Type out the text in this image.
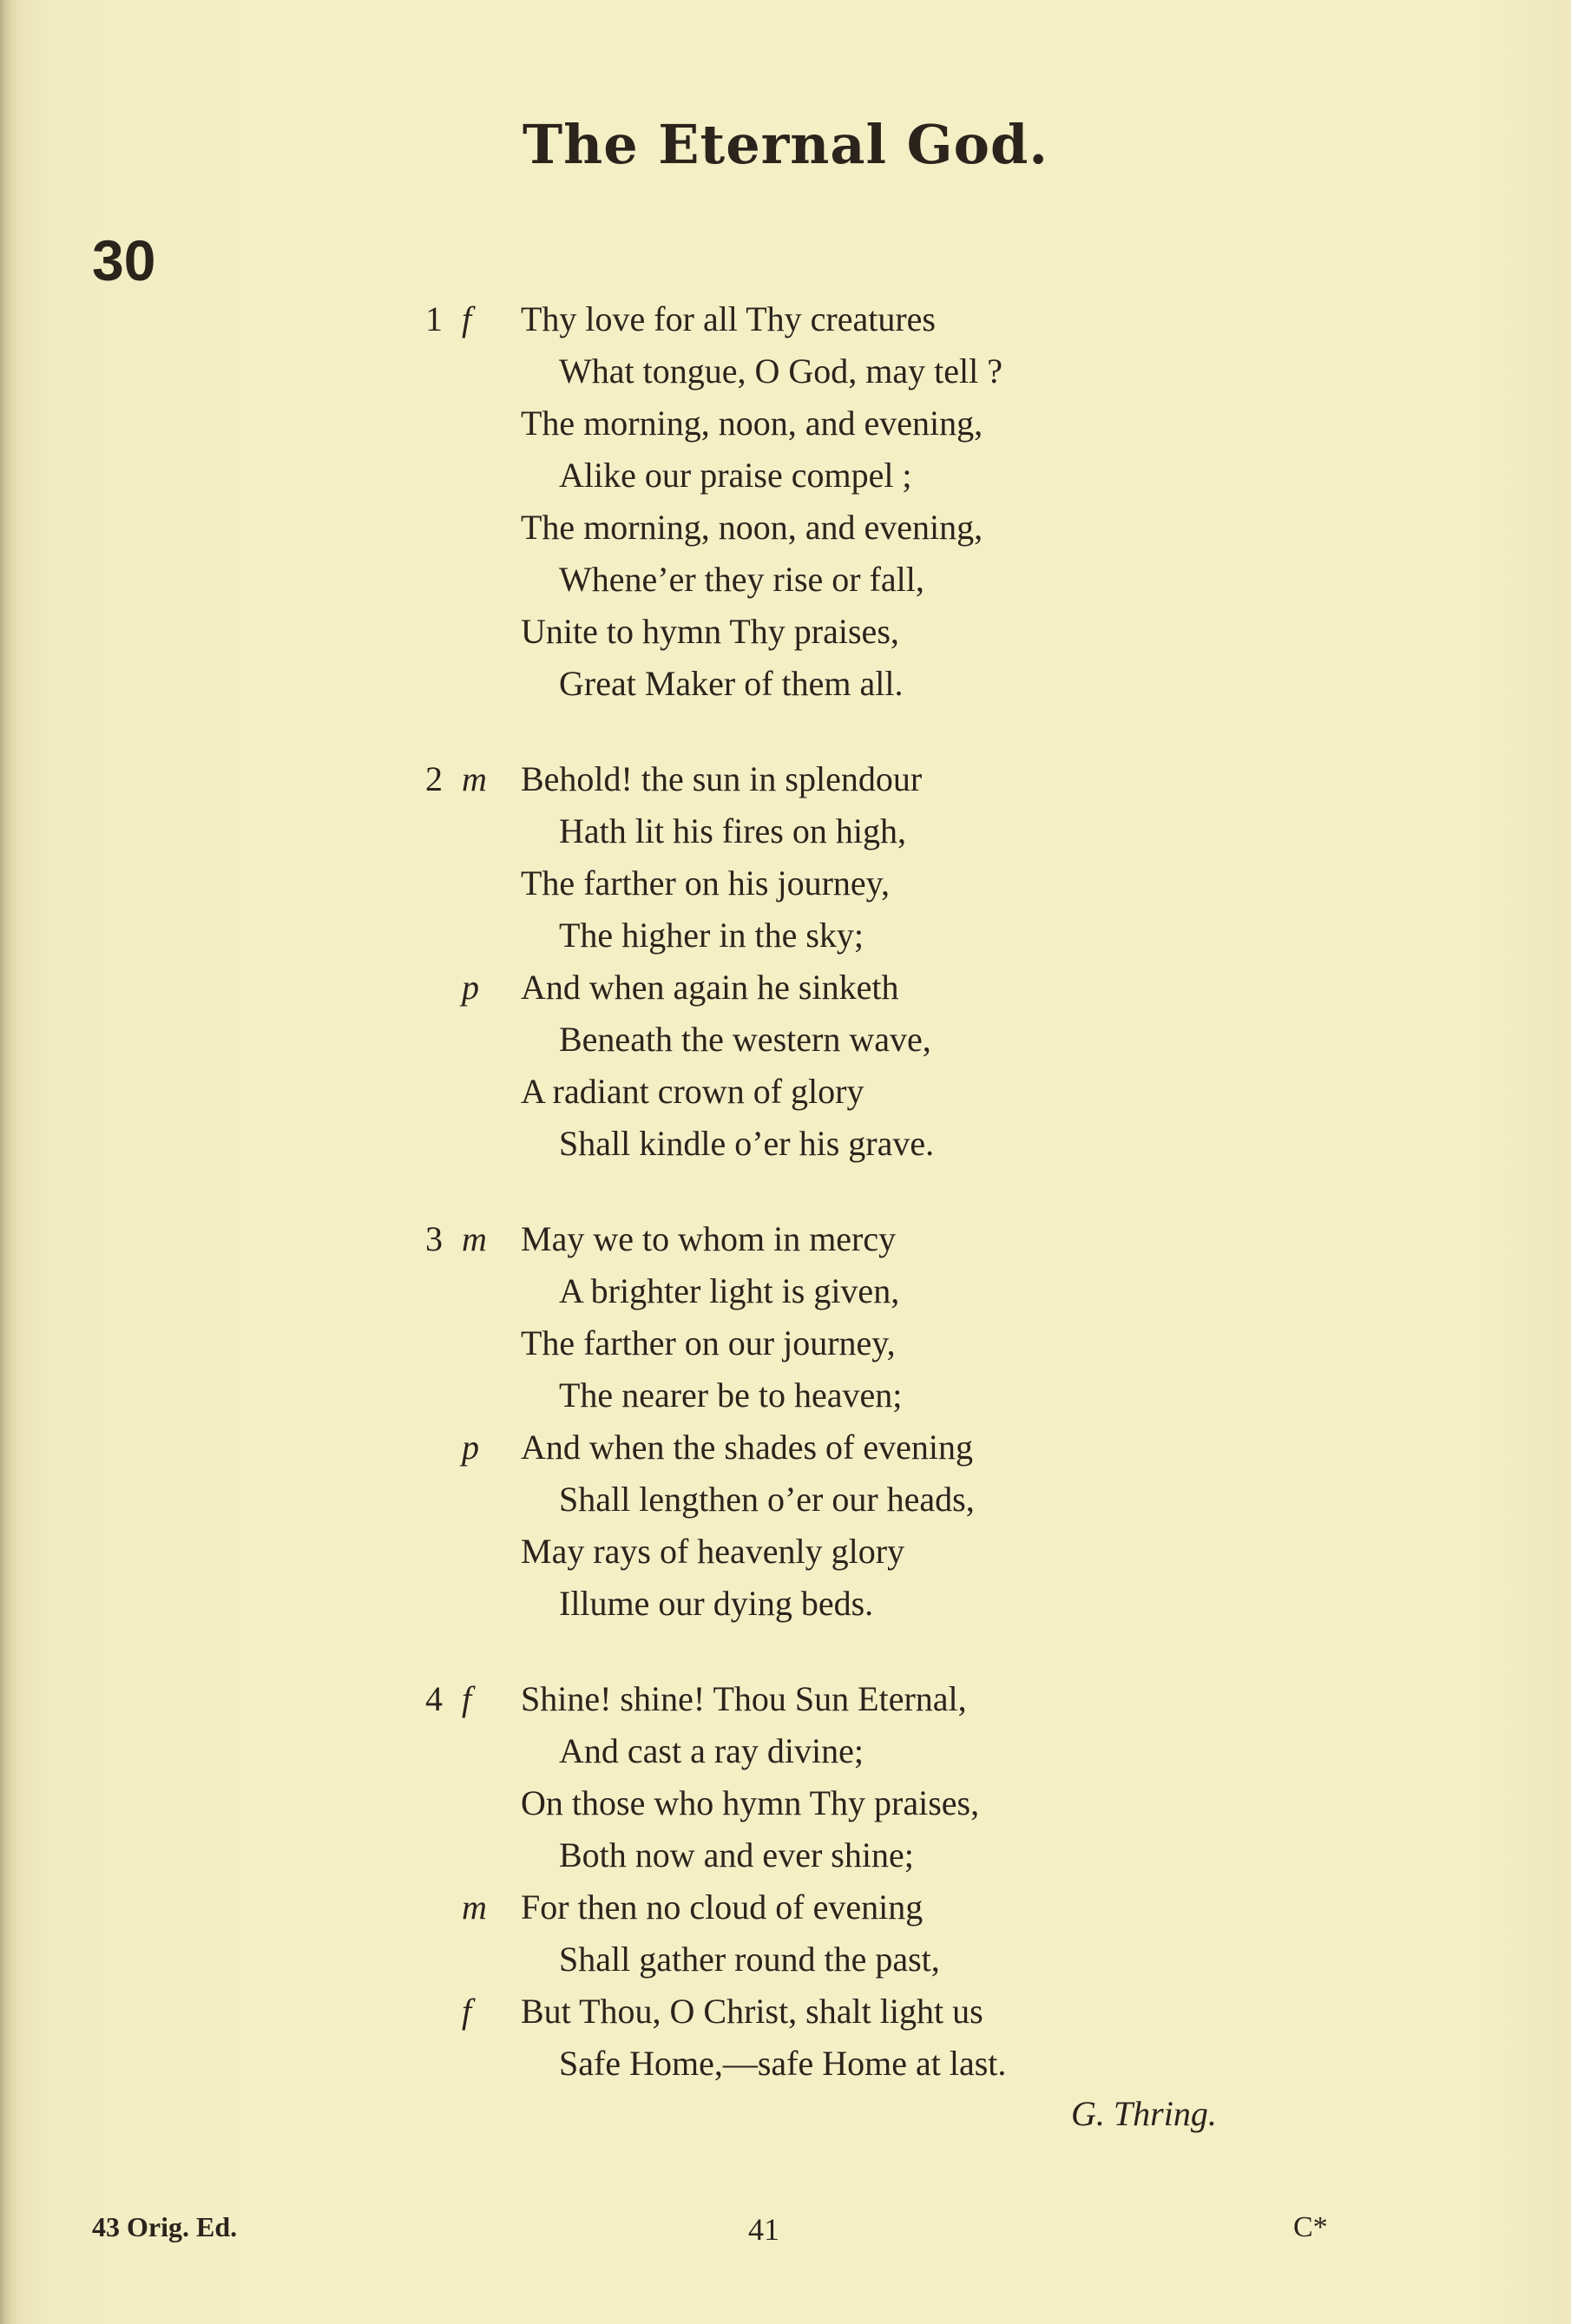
The Eternal God.
30
1 f Thy love for all Thy creatures
What tongue, O God, may tell ?
The morning, noon, and evening,
Alike our praise compel ;
The morning, noon, and evening,
Whene’er they rise or fall,
Unite to hymn Thy praises,
Great Maker of them all.
2 m Behold! the sun in splendour
Hath lit his fires on high,
The farther on his journey,
The higher in the sky;
p And when again he sinketh
Beneath the western wave,
A radiant crown of glory
Shall kindle o’er his grave.
3 m May we to whom in mercy
A brighter light is given,
The farther on our journey,
The nearer be to heaven;
p And when the shades of evening
Shall lengthen o’er our heads,
May rays of heavenly glory
Illume our dying beds.
4 f Shine! shine! Thou Sun Eternal,
And cast a ray divine;
On those who hymn Thy praises,
Both now and ever shine;
m For then no cloud of evening
Shall gather round the past,
f But Thou, O Christ, shalt light us
Safe Home,—safe Home at last.
G. Thring.
43 Orig. Ed.	41	C*
